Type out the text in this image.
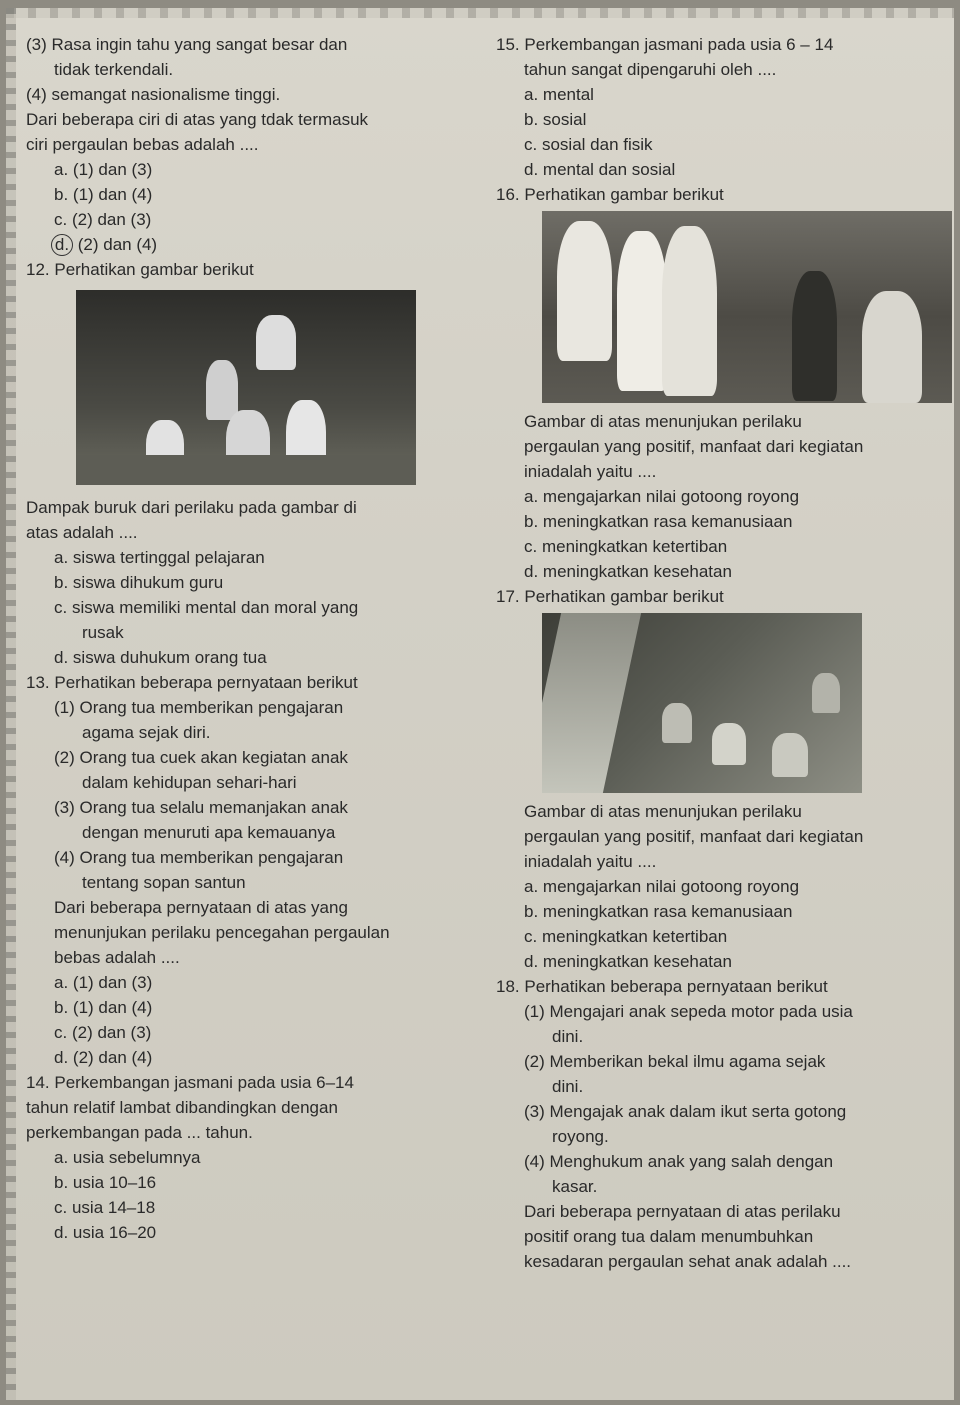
(3) Rasa ingin tahu yang sangat besar dan
tidak terkendali.
(4) semangat nasionalisme tinggi.
Dari beberapa ciri di atas yang tdak termasuk
ciri pergaulan bebas adalah ....
a. (1) dan (3)
b. (1) dan (4)
c. (2) dan (3)
d. (2) dan (4)
12. Perhatikan gambar berikut
Dampak buruk dari perilaku pada gambar di
atas adalah ....
a. siswa tertinggal pelajaran
b. siswa dihukum guru
c. siswa memiliki mental dan moral yang
rusak
d. siswa duhukum orang tua
13. Perhatikan beberapa pernyataan berikut
(1) Orang tua memberikan pengajaran
agama sejak diri.
(2) Orang tua cuek akan kegiatan anak
dalam kehidupan sehari-hari
(3) Orang tua selalu memanjakan anak
dengan menuruti apa kemauanya
(4) Orang tua memberikan pengajaran
tentang sopan santun
Dari beberapa pernyataan di atas yang
menunjukan perilaku pencegahan pergaulan
bebas adalah ....
a. (1) dan (3)
b. (1) dan (4)
c. (2) dan (3)
d. (2) dan (4)
14. Perkembangan jasmani pada usia 6–14
tahun relatif lambat dibandingkan dengan
perkembangan pada ... tahun.
a. usia sebelumnya
b. usia 10–16
c. usia 14–18
d. usia 16–20
15. Perkembangan jasmani pada usia 6 – 14
tahun sangat dipengaruhi oleh ....
a. mental
b. sosial
c. sosial dan fisik
d. mental dan sosial
16. Perhatikan gambar berikut
Gambar di atas menunjukan perilaku
pergaulan yang positif, manfaat dari kegiatan
iniadalah yaitu ....
a. mengajarkan nilai gotoong royong
b. meningkatkan rasa kemanusiaan
c. meningkatkan ketertiban
d. meningkatkan kesehatan
17. Perhatikan gambar berikut
Gambar di atas menunjukan perilaku
pergaulan yang positif, manfaat dari kegiatan
iniadalah yaitu ....
a. mengajarkan nilai gotoong royong
b. meningkatkan rasa kemanusiaan
c. meningkatkan ketertiban
d. meningkatkan kesehatan
18. Perhatikan beberapa pernyataan berikut
(1) Mengajari anak sepeda motor pada usia
dini.
(2) Memberikan bekal ilmu agama sejak
dini.
(3) Mengajak anak dalam ikut serta gotong
royong.
(4) Menghukum anak yang salah dengan
kasar.
Dari beberapa pernyataan di atas perilaku
positif orang tua dalam menumbuhkan
kesadaran pergaulan sehat anak adalah ....
